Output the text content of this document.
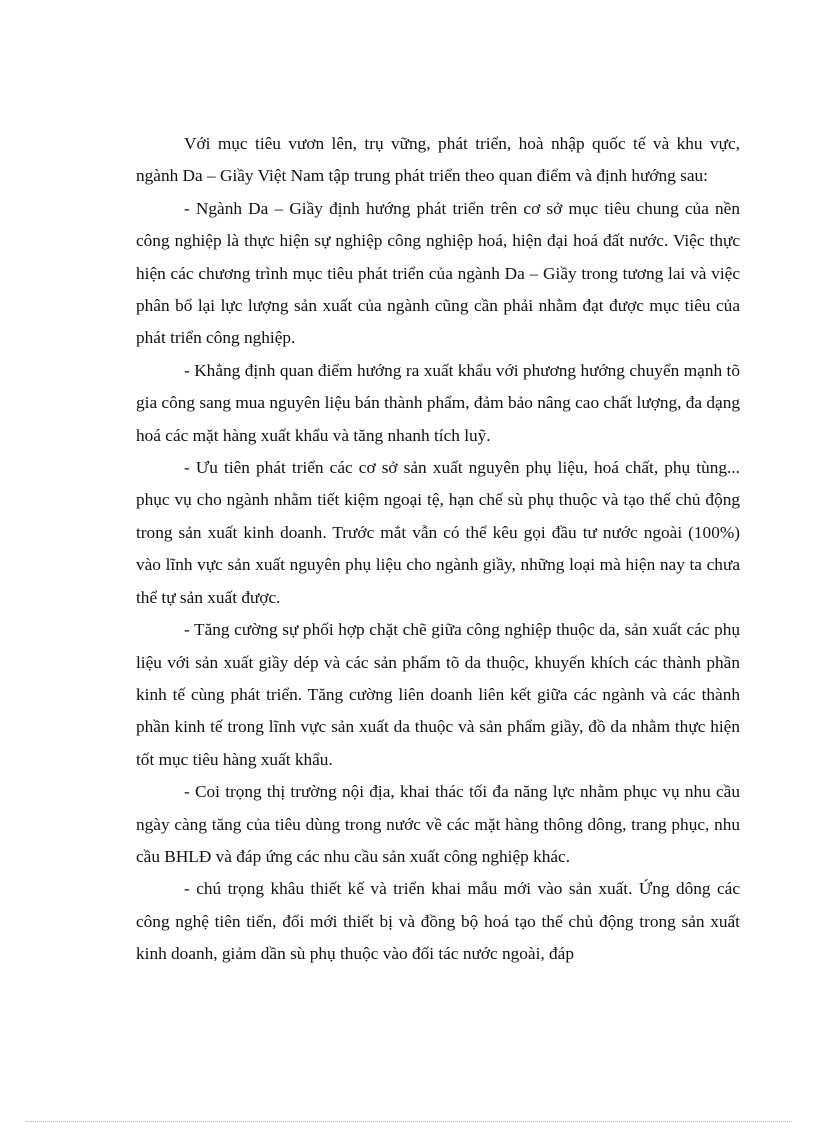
Với mục tiêu vươn lên, trụ vững, phát triển, hoà nhập quốc tế và khu vực, ngành Da – Giầy Việt Nam tập trung phát triển theo quan điểm và định hướng sau:

- Ngành Da – Giầy định hướng phát triển trên cơ sở mục tiêu chung của nền công nghiệp là thực hiện sự nghiệp công nghiệp hoá, hiện đại hoá đất nước. Việc thực hiện các chương trình mục tiêu phát triển của ngành Da – Giầy trong tương lai và việc phân bổ lại lực lượng sản xuất của ngành cũng cần phải nhằm đạt được mục tiêu của phát triển công nghiệp.

- Khẳng định quan điểm hướng ra xuất khẩu với phương hướng chuyển mạnh tõ gia công sang mua nguyên liệu bán thành phẩm, đảm bảo nâng cao chất lượng, đa dạng hoá các mặt hàng xuất khẩu và tăng nhanh tích luỹ.

- Ưu tiên phát triển các cơ sở sản xuất nguyên phụ liệu, hoá chất, phụ tùng... phục vụ cho ngành nhằm tiết kiệm ngoại tệ, hạn chế sù phụ thuộc và tạo thế chủ động trong sản xuất kinh doanh. Trước mắt vẫn có thể kêu gọi đầu tư nước ngoài (100%) vào lĩnh vực sản xuất nguyên phụ liệu cho ngành giầy, những loại mà hiện nay ta chưa thể tự sản xuất được.

- Tăng cường sự phối hợp chặt chẽ giữa công nghiệp thuộc da, sản xuất các phụ liệu với sản xuất giầy dép và các sản phẩm tõ da thuộc, khuyến khích các thành phần kinh tế cùng phát triển. Tăng cường liên doanh liên kết giữa các ngành và các thành phần kinh tế trong lĩnh vực sản xuất da thuộc và sản phẩm giầy, đồ da nhằm thực hiện tốt mục tiêu hàng xuất khẩu.

- Coi trọng thị trường nội địa, khai thác tối đa năng lực nhằm phục vụ nhu cầu ngày càng tăng của tiêu dùng trong nước về các mặt hàng thông dông, trang phục, nhu cầu BHLĐ và đáp ứng các nhu cầu sản xuất công nghiệp khác.

- chú trọng khâu thiết kế và triển khai mẫu mới vào sản xuất. Ứng dông các công nghệ tiên tiến, đổi mới thiết bị và đồng bộ hoá tạo thế chủ động trong sản xuất kinh doanh, giảm dần sù phụ thuộc vào đối tác nước ngoài, đáp
